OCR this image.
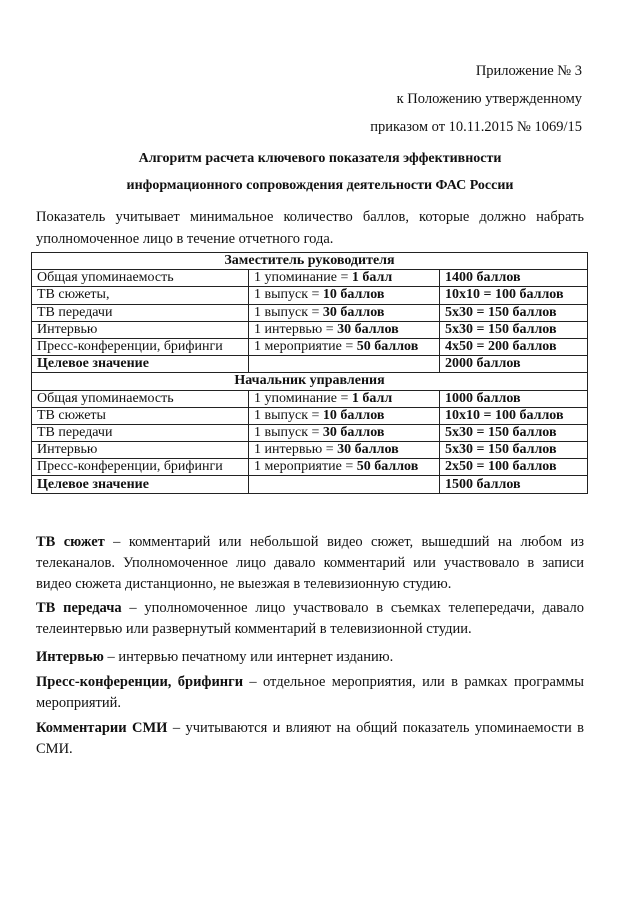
Приложение № 3
к Положению утвержденному
приказом от 10.11.2015 № 1069/15
Алгоритм расчета ключевого показателя эффективности
информационного сопровождения деятельности ФАС России
Показатель учитывает минимальное количество баллов, которые должно набрать уполномоченное лицо в течение отчетного года.
Заместитель руководителя		
Общая упоминаемость	1 упоминание = 1 балл	1400 баллов
ТВ сюжеты,	1 выпуск = 10 баллов	10х10 = 100 баллов
ТВ передачи	1 выпуск = 30 баллов	5х30 = 150 баллов
Интервью	1 интервью = 30 баллов	5х30 = 150 баллов
Пресс-конференции, брифинги	1 мероприятие = 50 баллов	4х50 = 200 баллов
Целевое значение		2000 баллов
Начальник управления		
Общая упоминаемость	1 упоминание = 1 балл	1000 баллов
ТВ сюжеты	1 выпуск = 10 баллов	10х10 = 100 баллов
ТВ передачи	1 выпуск = 30 баллов	5х30 = 150 баллов
Интервью	1 интервью = 30 баллов	5х30 = 150 баллов
Пресс-конференции, брифинги	1 мероприятие = 50 баллов	2х50 = 100 баллов
Целевое значение		1500 баллов
ТВ сюжет – комментарий или небольшой видео сюжет, вышедший на любом из телеканалов. Уполномоченное лицо давало комментарий или участвовало в записи видео сюжета дистанционно, не выезжая в телевизионную студию.
ТВ передача – уполномоченное лицо участвовало в съемках телепередачи, давало телеинтервью или развернутый комментарий в телевизионной студии.
Интервью – интервью печатному или интернет изданию.
Пресс-конференции, брифинги – отдельное мероприятия, или в рамках программы мероприятий.
Комментарии СМИ – учитываются и влияют на общий показатель упоминаемости в СМИ.
